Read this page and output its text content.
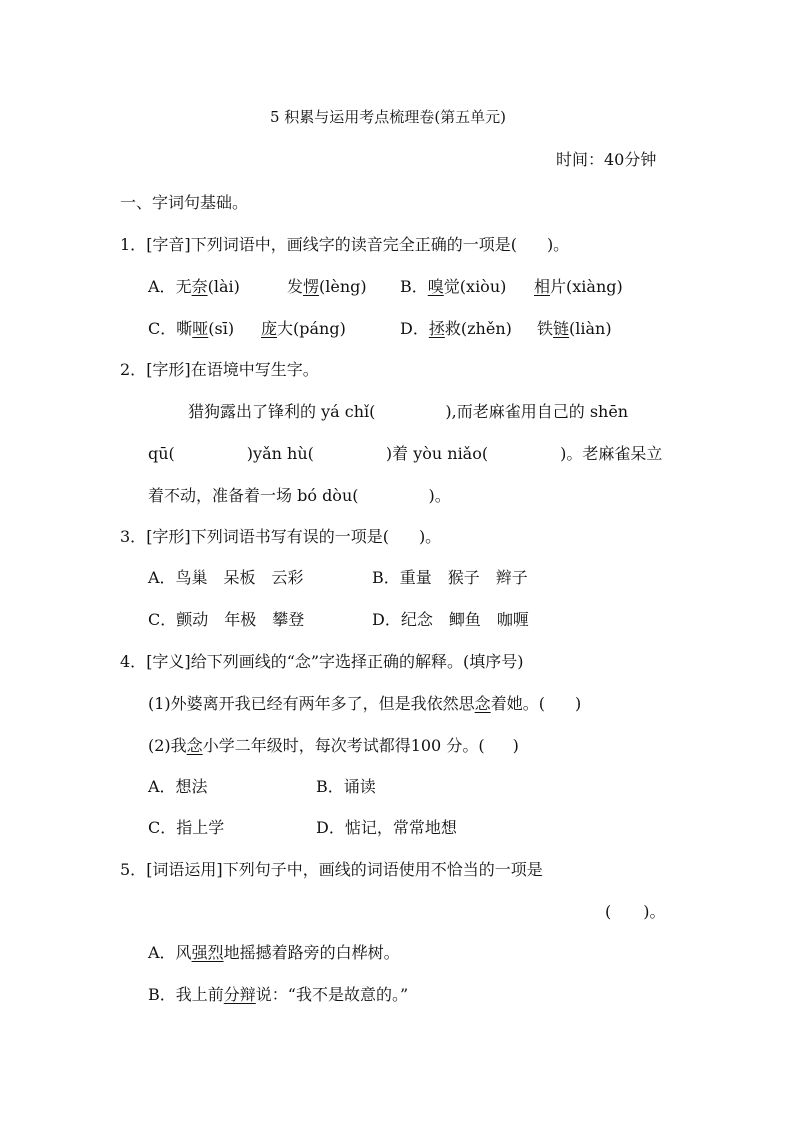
5 积累与运用考点梳理卷(第五单元)
时间：40分钟
一、字词句基础。
1．[字音]下列词语中，画线字的读音完全正确的一项是( )。
A．无奈(lài)	发愣(lèng) B．嗅觉(xiòu) 相片(xiàng)
C．嘶哑(sī) 庞大(páng)	D．拯救(zhěn) 铁链(liàn)
2．[字形]在语境中写生字。
猎狗露出了锋利的 yá chǐ(	),而老麻雀用自己的 shēn
qū(	)yǎn hù(	)着 yòu niǎo(	)。老麻雀呆立
着不动，准备着一场 bó dòu(	)。
3．[字形]下列词语书写有误的一项是( )。
A．鸟巢　呆板　云彩	B．重量　猴子　辫子
C．颤动　年极　攀登	D．纪念　鲫鱼　咖喱
4．[字义]给下列画线的“念”字选择正确的解释。(填序号)
(1)外婆离开我已经有两年多了，但是我依然思念着她。( )
(2)我念小学二年级时，每次考试都得100 分。( )
A．想法	B．诵读
C．指上学	D．惦记，常常地想
5．[词语运用]下列句子中，画线的词语使用不恰当的一项是
( )。
A．风强烈地摇撼着路旁的白桦树。
B．我上前分辩说：“我不是故意的。”
